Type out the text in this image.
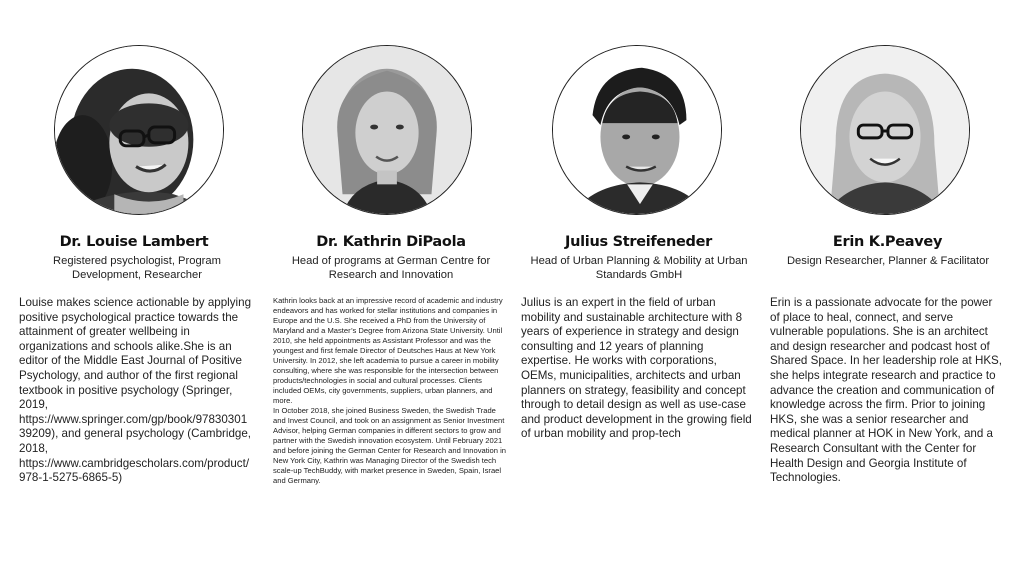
Dr. Louise Lambert
Registered psychologist, Program Development, Researcher

Louise makes science actionable by applying positive psychological practice towards the attainment of greater wellbeing in organizations and schools alike.She is an editor of the Middle East Journal of Positive Psychology, and author of the first regional textbook in positive psychology (Springer, 2019, https://www.springer.com/gp/book/9783030139209), and general psychology (Cambridge, 2018, https://www.cambridgescholars.com/product/978-1-5275-6865-5)

Dr. Kathrin DiPaola
Head of programs at German Centre for Research and Innovation

Kathrin looks back at an impressive record of academic and industry endeavors and has worked for stellar institutions and companies in Europe and the U.S. She received a PhD from the University of Maryland and a Master’s Degree from Arizona State University. Until 2010, she held appointments as Assistant Professor and was the youngest and first female Director of Deutsches Haus at New York University. In 2012, she left academia to pursue a career in mobility consulting, where she was responsible for the intersection between products/technologies in social and cultural processes. Clients included OEMs, city governments, suppliers, urban planners, and more.

In October 2018, she joined Business Sweden, the Swedish Trade and Invest Council, and took on an assignment as Senior Investment Advisor, helping German companies in different sectors to grow and partner with the Swedish innovation ecosystem. Until February 2021 and before joining the German Center for Research and Innovation in New York City, Kathrin was Managing Director of the Swedish tech scale-up TechBuddy, with market presence in Sweden, Spain, Israel and Germany.

Julius Streifeneder
Head of Urban Planning & Mobility at Urban Standards GmbH

Julius is an expert in the field of urban mobility and sustainable architecture with 8 years of experience in strategy and design consulting and 12 years of planning expertise. He works with corporations, OEMs, municipalities, architects and urban planners on strategy, feasibility and concept through to detail design as well as use-case and product development in the growing field of urban mobility and prop-tech

Erin K.Peavey
Design Researcher, Planner & Facilitator

Erin is a passionate advocate for the power of place to heal, connect, and serve vulnerable populations. She is an architect and design researcher and podcast host of Shared Space. In her leadership role at HKS, she helps integrate research and practice to advance the creation and communication of knowledge across the firm. Prior to joining HKS, she was a senior researcher and medical planner at HOK in New York, and a Research Consultant with the Center for Health Design and Georgia Institute of Technologies.
